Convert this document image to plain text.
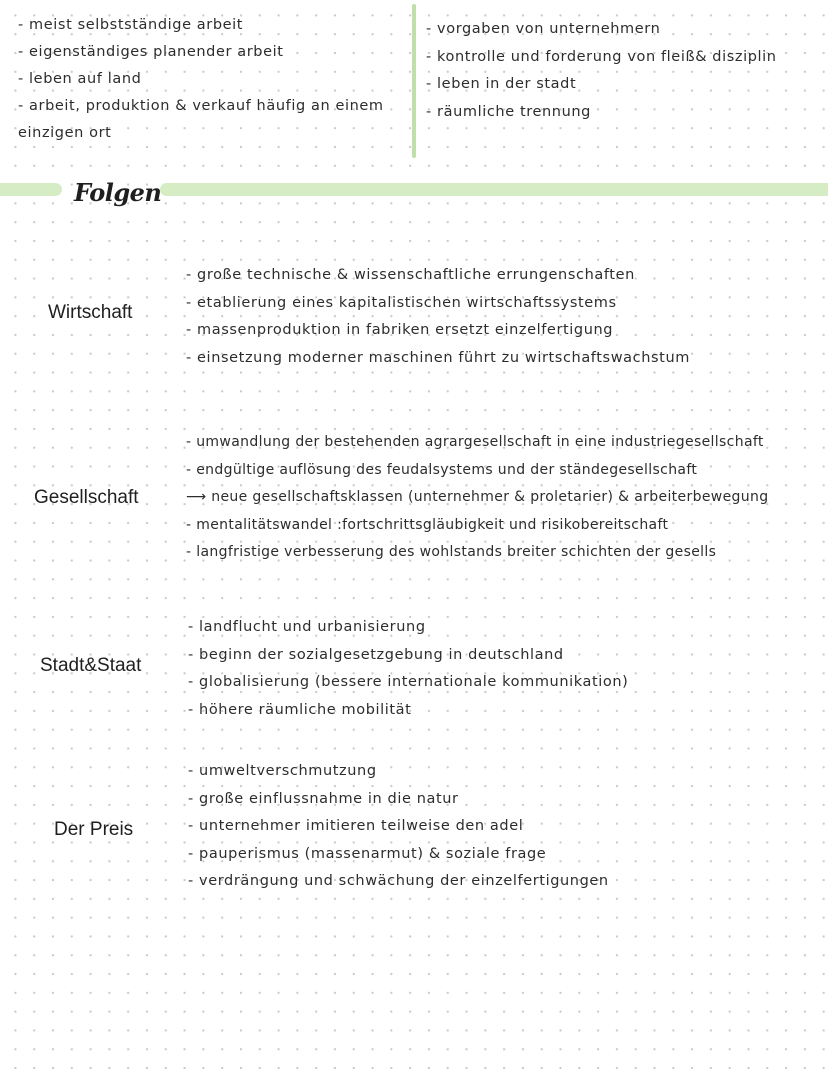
- meist selbstständige arbeit
- eigenständiges planender arbeit
- leben auf land
- arbeit, produktion & verkauf häufig an einem
einzigen ort
- vorgaben von unternehmern
- kontrolle und forderung von fleiß& disziplin
- leben in der stadt
- räumliche trennung
Folgen
Wirtschaft
- große technische & wissenschaftliche errungenschaften
- etablierung eines kapitalistischen wirtschaftssystems
- massenproduktion in fabriken ersetzt einzelfertigung
- einsetzung moderner maschinen führt zu wirtschaftswachstum
Gesellschaft
- umwandlung der bestehenden agrargesellschaft in eine industriegesellschaft
- endgültige auflösung des feudalsystems und der ständegesellschaft
⟶ neue gesellschaftsklassen (unternehmer & proletarier) & arbeiterbewegung
- mentalitätswandel :fortschrittsgläubigkeit und risikobereitschaft
- langfristige verbesserung des wohlstands breiter schichten der gesells
Stadt&Staat
- landflucht und urbanisierung
- beginn der sozialgesetzgebung in deutschland
- globalisierung (bessere internationale kommunikation)
- höhere räumliche mobilität
Der Preis
- umweltverschmutzung
- große einflussnahme in die natur
- unternehmer imitieren teilweise den adel
- pauperismus (massenarmut) & soziale frage
- verdrängung und schwächung der einzelfertigungen
